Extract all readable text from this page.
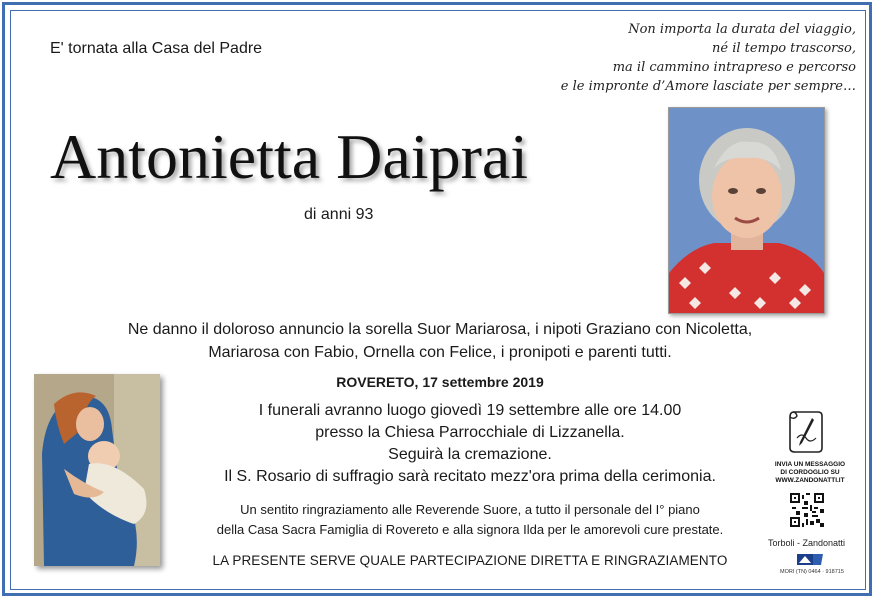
E' tornata alla Casa del Padre
Non importa la durata del viaggio,
né il tempo trascorso,
ma il cammino intrapreso e percorso
e le impronte d’Amore lasciate per sempre…
Antonietta Daiprai
di anni 93
Ne danno il doloroso annuncio la sorella Suor Mariarosa, i nipoti Graziano con Nicoletta,
Mariarosa con Fabio, Ornella con Felice, i pronipoti e parenti tutti.
ROVERETO, 17 settembre 2019
I funerali avranno luogo giovedì 19 settembre alle ore 14.00
presso la Chiesa Parrocchiale di Lizzanella.
Seguirà la cremazione.
Il S. Rosario di suffragio sarà recitato mezz'ora prima della cerimonia.
Un sentito ringraziamento alle Reverende Suore, a tutto il personale del I° piano
della Casa Sacra Famiglia di Rovereto e alla signora Ilda per le amorevoli cure prestate.
LA PRESENTE SERVE QUALE PARTECIPAZIONE DIRETTA E RINGRAZIAMENTO
INVIA UN MESSAGGIO
DI CORDOGLIO SU
WWW.ZANDONATTI.IT
Torboli - Zandonatti
MORI (TN) 0464 · 918715
